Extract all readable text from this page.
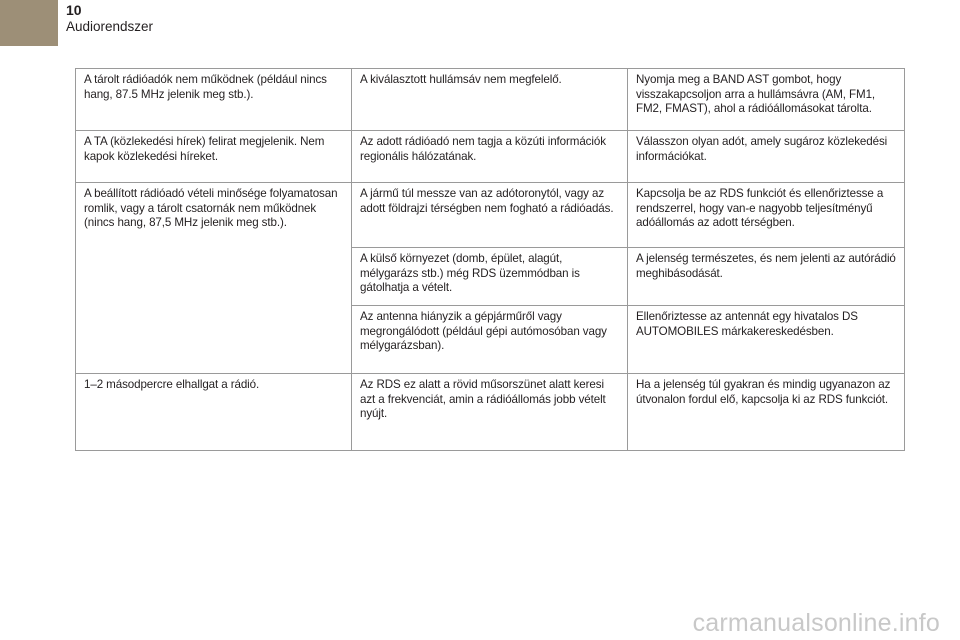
10
Audiorendszer
A tárolt rádióadók nem működnek (például nincs hang, 87.5 MHz jelenik meg stb.).	A kiválasztott hullámsáv nem megfelelő.	Nyomja meg a BAND AST gombot, hogy visszakapcsoljon arra a hullámsávra (AM, FM1, FM2, FMAST), ahol a rádióállomásokat tárolta.
A TA (közlekedési hírek) felirat megjelenik. Nem kapok közlekedési híreket.	Az adott rádióadó nem tagja a közúti információk regionális hálózatának.	Válasszon olyan adót, amely sugároz közlekedési információkat.
A beállított rádióadó vételi minősége folyamatosan romlik, vagy a tárolt csatornák nem működnek (nincs hang, 87,5 MHz jelenik meg stb.).	A jármű túl messze van az adótoronytól, vagy az adott földrajzi térségben nem fogható a rádióadás.	Kapcsolja be az RDS funkciót és ellenőriztesse a rendszerrel, hogy van-e nagyobb teljesítményű adóállomás az adott térségben.
	A külső környezet (domb, épület, alagút, mélygarázs stb.) még RDS üzemmódban is gátolhatja a vételt.	A jelenség természetes, és nem jelenti az autórádió meghibásodását.
	Az antenna hiányzik a gépjárműről vagy megrongálódott (például gépi autómosóban vagy mélygarázsban).	Ellenőriztesse az antennát egy hivatalos DS AUTOMOBILES márkakereskedésben.
1–2 másodpercre elhallgat a rádió.	Az RDS ez alatt a rövid műsorszünet alatt keresi azt a frekvenciát, amin a rádióállomás jobb vételt nyújt.	Ha a jelenség túl gyakran és mindig ugyanazon az útvonalon fordul elő, kapcsolja ki az RDS funkciót.
carmanualsonline.info
